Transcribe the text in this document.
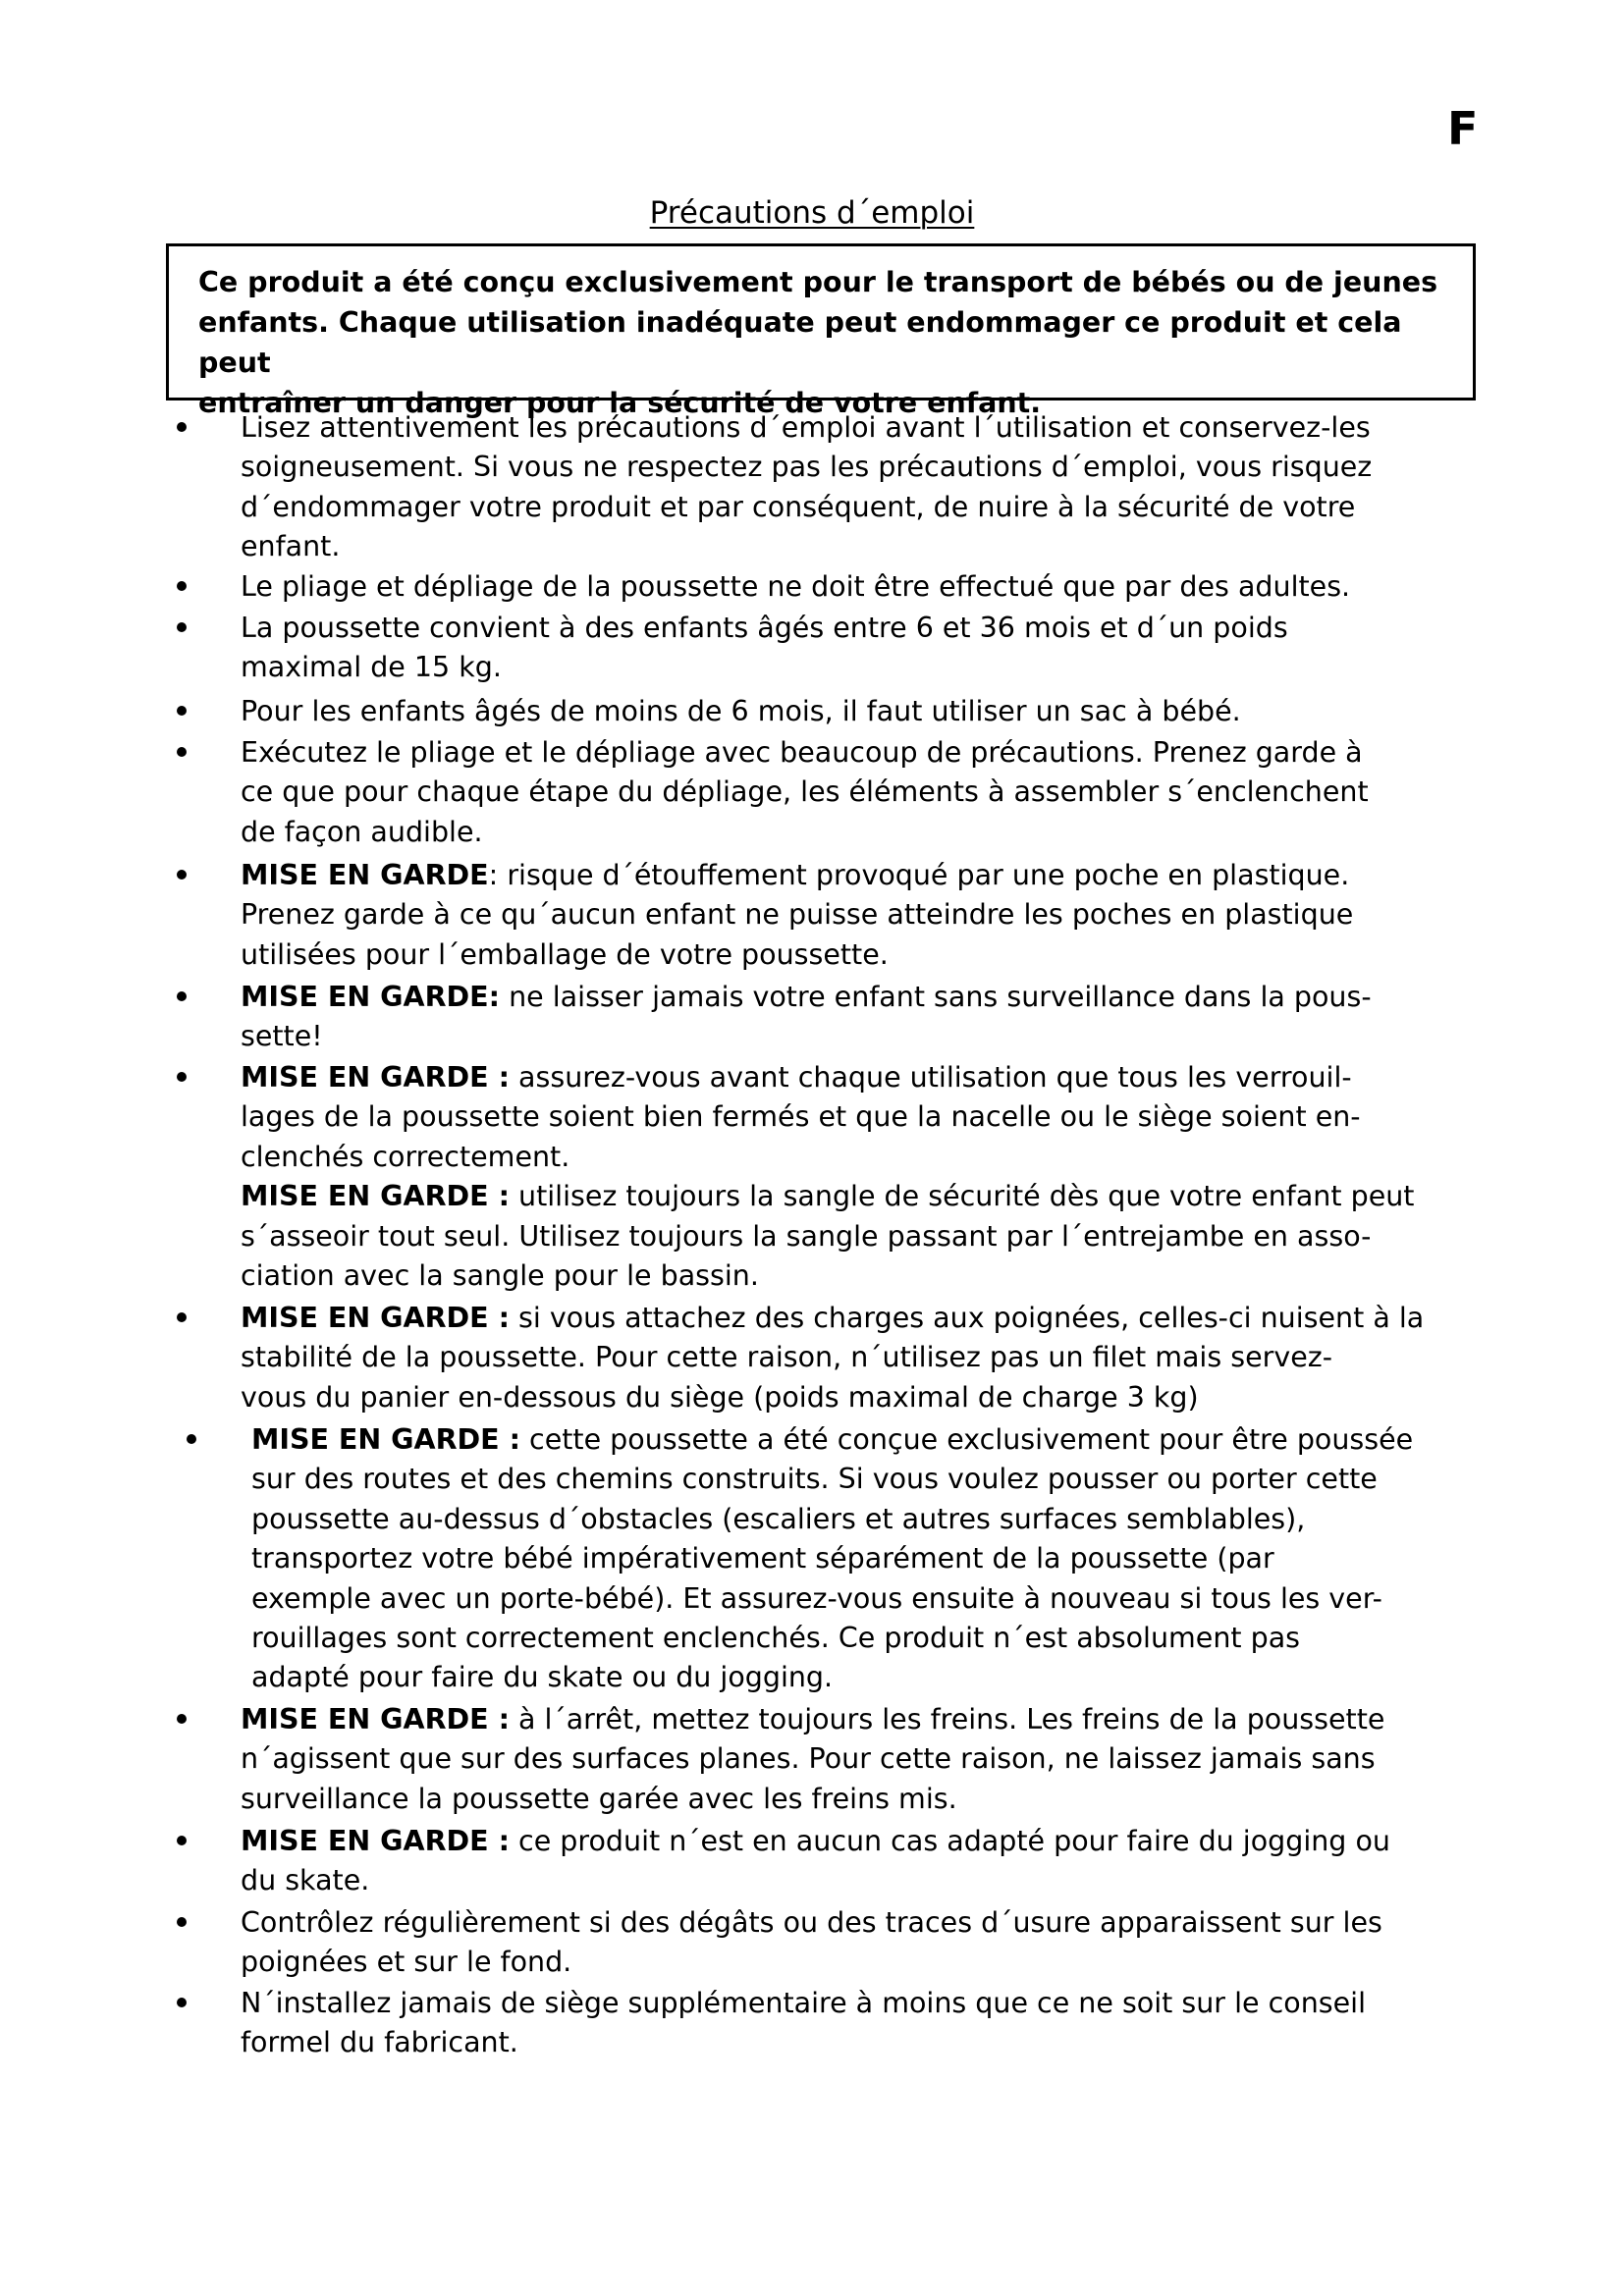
F
Précautions d´emploi

Ce produit a été conçu exclusivement pour le transport de bébés ou de jeunes
enfants. Chaque utilisation inadéquate peut endommager ce produit et cela peut
entraîner un danger pour la sécurité de votre enfant.

Lisez attentivement les précautions d´emploi avant l´utilisation et conservez-les
soigneusement. Si vous ne respectez pas les précautions d´emploi, vous risquez
d´endommager votre produit et par conséquent, de nuire à la sécurité de votre
enfant.
Le pliage et dépliage de la poussette ne doit être effectué que par des adultes.
La poussette convient à des enfants âgés entre 6 et 36 mois et d´un poids
maximal de 15 kg.
Pour les enfants âgés de moins de 6 mois, il faut utiliser un sac à bébé.
Exécutez le pliage et le dépliage avec beaucoup de précautions. Prenez garde à
ce que pour chaque étape du dépliage, les éléments à assembler s´enclenchent
de façon audible.
MISE EN GARDE: risque d´étouffement provoqué par une poche en plastique.
Prenez garde à ce qu´aucun enfant ne puisse atteindre les poches en plastique
utilisées pour l´emballage de votre poussette.
MISE EN GARDE: ne laisser jamais votre enfant sans surveillance dans la pous-
sette!
MISE EN GARDE : assurez-vous avant chaque utilisation que tous les verrouil-
lages de la poussette soient bien fermés et que la nacelle ou le siège soient en-
clenchés correctement.
MISE EN GARDE : utilisez toujours la sangle de sécurité dès que votre enfant peut
s´asseoir tout seul. Utilisez toujours la sangle passant par l´entrejambe en asso-
ciation avec la sangle pour le bassin.
MISE EN GARDE : si vous attachez des charges aux poignées, celles-ci nuisent à la
stabilité de la poussette. Pour cette raison, n´utilisez pas un filet mais servez-
vous du panier en-dessous du siège (poids maximal de charge 3 kg)
MISE EN GARDE : cette poussette a été conçue exclusivement pour être poussée
sur des routes et des chemins construits. Si vous voulez pousser ou porter cette
poussette au-dessus d´obstacles (escaliers et autres surfaces semblables),
transportez votre bébé impérativement séparément de la poussette (par
exemple avec un porte-bébé). Et assurez-vous ensuite à nouveau si tous les ver-
rouillages sont correctement enclenchés. Ce produit n´est absolument pas
adapté pour faire du skate ou du jogging.
MISE EN GARDE : à l´arrêt, mettez toujours les freins. Les freins de la poussette
n´agissent que sur des surfaces planes. Pour cette raison, ne laissez jamais sans
surveillance la poussette garée avec les freins mis.
MISE EN GARDE : ce produit n´est en aucun cas adapté pour faire du jogging ou
du skate.
Contrôlez régulièrement si des dégâts ou des traces d´usure apparaissent sur les
poignées et sur le fond.
N´installez jamais de siège supplémentaire à moins que ce ne soit sur le conseil
formel du fabricant.
